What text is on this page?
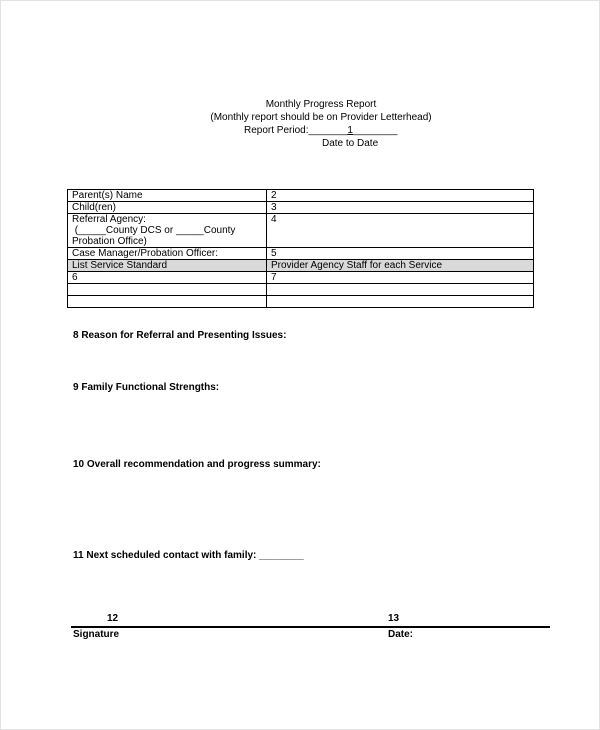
Monthly Progress Report
(Monthly report should be on Provider Letterhead)
Report Period:_______1________
Date to Date
Parent(s) Name	2
Child(ren)	3

Referral Agency:
(_____County DCS or _____County
Probation Office)	4
Case Manager/Probation Officer:	5
List Service Standard	Provider Agency Staff for each Service
6	7

8 Reason for Referral and Presenting Issues:
9 Family Functional Strengths:
10 Overall recommendation and progress summary:
11 Next scheduled contact with family: ________
12	13
Signature	Date:
